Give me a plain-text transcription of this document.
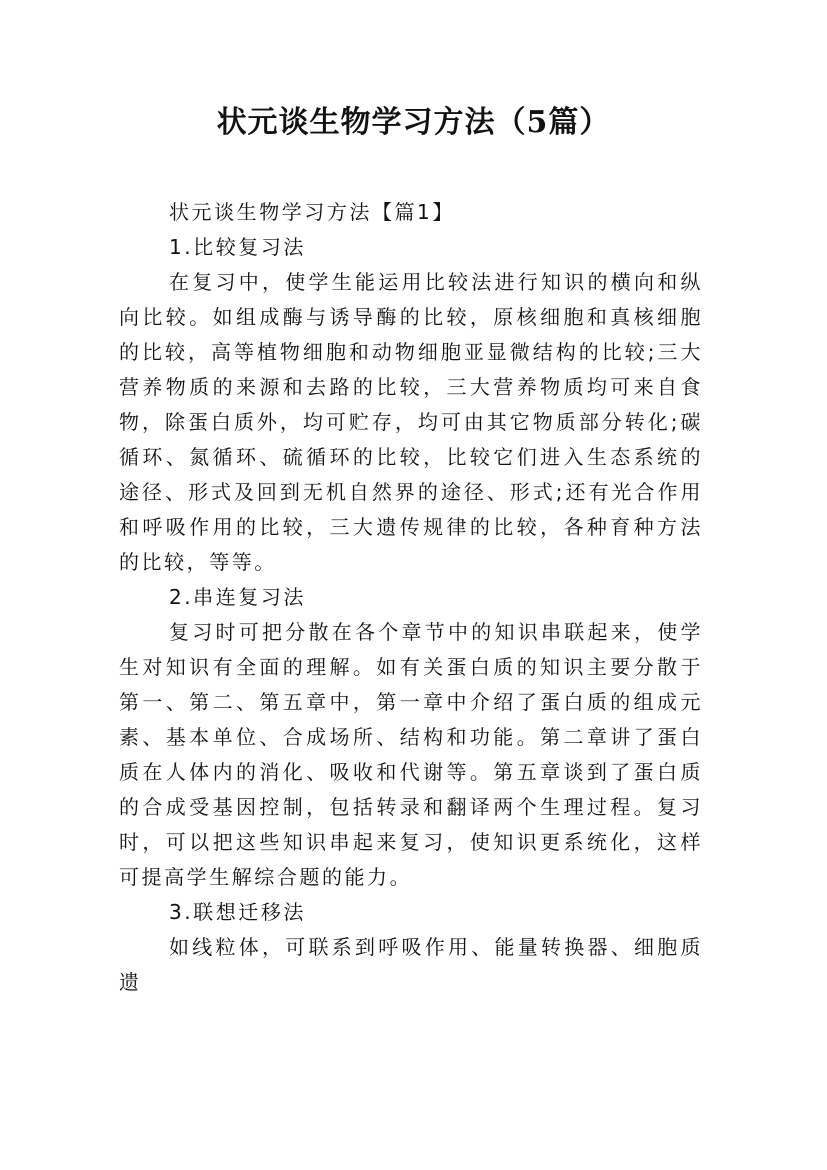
状元谈生物学习方法（5篇）

状元谈生物学习方法【篇1】

1.比较复习法

在复习中，使学生能运用比较法进行知识的横向和纵向比较。如组成酶与诱导酶的比较，原核细胞和真核细胞的比较，高等植物细胞和动物细胞亚显微结构的比较;三大营养物质的来源和去路的比较，三大营养物质均可来自食物，除蛋白质外，均可贮存，均可由其它物质部分转化;碳循环、氮循环、硫循环的比较，比较它们进入生态系统的途径、形式及回到无机自然界的途径、形式;还有光合作用和呼吸作用的比较，三大遗传规律的比较，各种育种方法的比较，等等。

2.串连复习法

复习时可把分散在各个章节中的知识串联起来，使学生对知识有全面的理解。如有关蛋白质的知识主要分散于第一、第二、第五章中，第一章中介绍了蛋白质的组成元素、基本单位、合成场所、结构和功能。第二章讲了蛋白质在人体内的消化、吸收和代谢等。第五章谈到了蛋白质的合成受基因控制，包括转录和翻译两个生理过程。复习时，可以把这些知识串起来复习，使知识更系统化，这样可提高学生解综合题的能力。

3.联想迁移法

如线粒体，可联系到呼吸作用、能量转换器、细胞质遗
